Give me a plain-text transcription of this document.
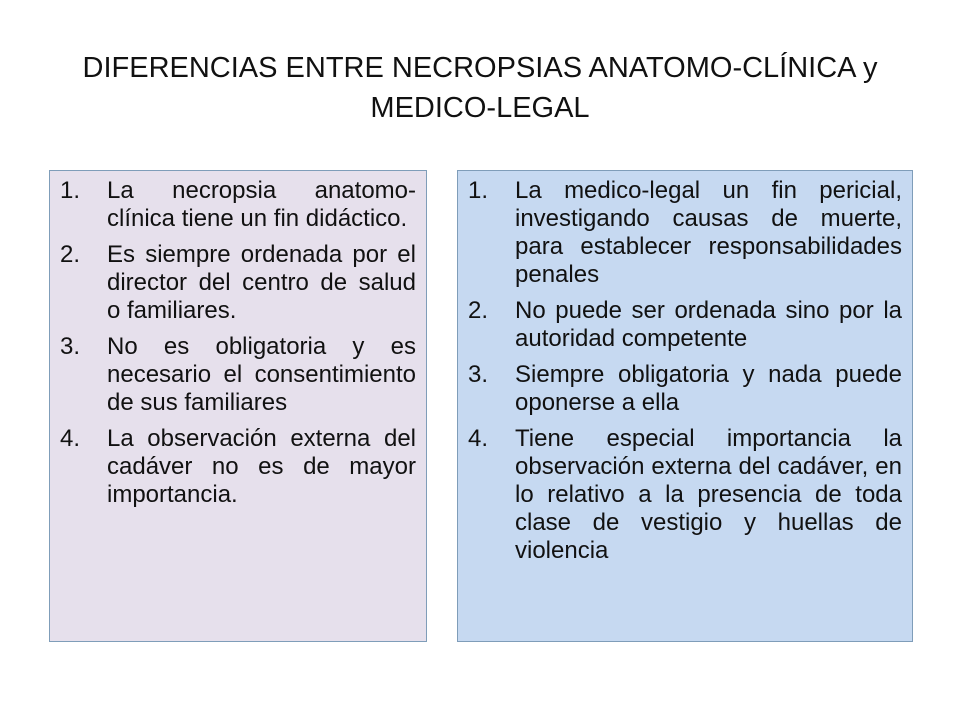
DIFERENCIAS ENTRE NECROPSIAS ANATOMO-CLÍNICA y MEDICO-LEGAL
1.	La necropsia anatomo-clínica tiene un fin didáctico.
2.	Es siempre ordenada por el director del centro de salud o familiares.
3.	No es obligatoria y es necesario el consentimiento de sus familiares
4.	La observación externa del cadáver no es de mayor importancia.
1.	La medico-legal un fin pericial, investigando causas de muerte, para establecer responsabilidades penales
2.	No puede ser ordenada sino por la autoridad competente
3.	Siempre obligatoria y nada puede oponerse a ella
4.	Tiene especial importancia la observación externa del cadáver, en lo relativo a la presencia de toda clase de vestigio y huellas de violencia
